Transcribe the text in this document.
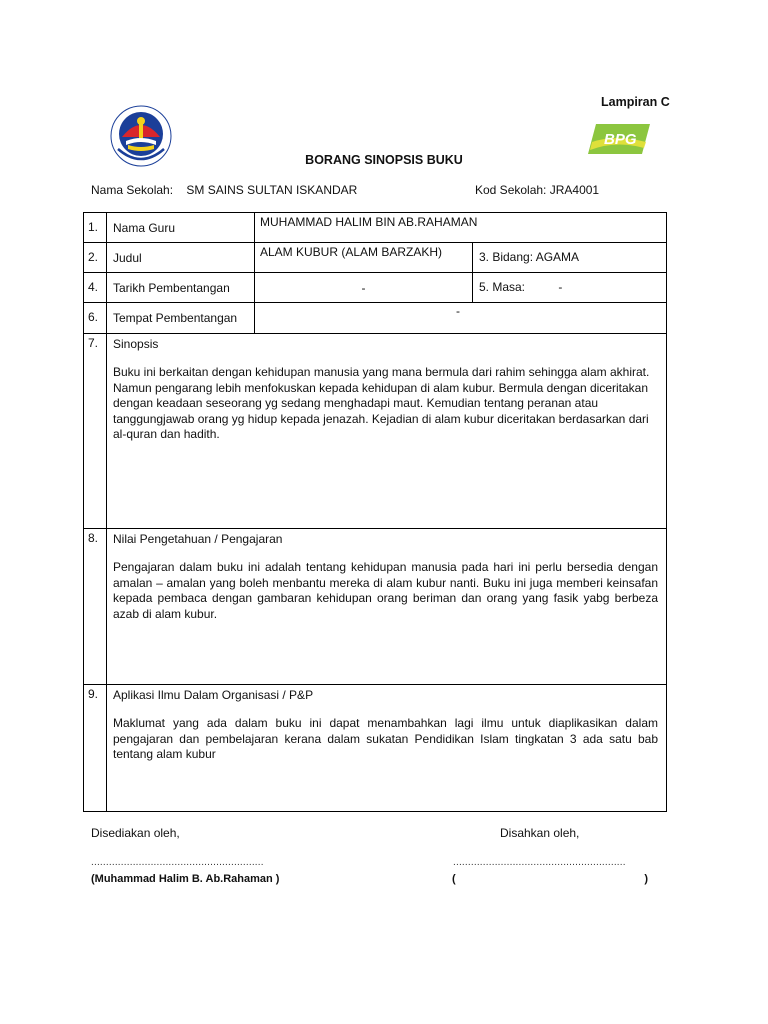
Lampiran C
BPG
BORANG SINOPSIS BUKU
Nama Sekolah: SM SAINS SULTAN ISKANDAR	Kod Sekolah: JRA4001
1.	Nama Guru	MUHAMMAD HALIM BIN AB.RAHAMAN	
2.	Judul	ALAM KUBUR (ALAM BARZAKH)	3. Bidang: AGAMA
4.	Tarikh Pembentangan	-	5. Masa: -
6.	Tempat Pembentangan	-	
7.	Sinopsis
Buku ini berkaitan dengan kehidupan manusia yang mana bermula dari rahim sehingga alam akhirat. Namun pengarang lebih menfokuskan kepada kehidupan di alam kubur. Bermula dengan diceritakan dengan keadaan seseorang yg sedang menghadapi maut. Kemudian tentang peranan atau tanggungjawab orang yg hidup kepada jenazah. Kejadian di alam kubur diceritakan berdasarkan dari al-quran dan hadith.		

8.	Nilai Pengetahuan / Pengajaran
Pengajaran dalam buku ini adalah tentang kehidupan manusia pada hari ini perlu bersedia dengan amalan – amalan yang boleh menbantu mereka di alam kubur nanti. Buku ini juga memberi keinsafan kepada pembaca dengan gambaran kehidupan orang beriman dan orang yang fasik yabg berbeza azab di alam kubur.		

9.	Aplikasi Ilmu Dalam Organisasi / P&P
Maklumat yang ada dalam buku ini dapat menambahkan lagi ilmu untuk diaplikasikan dalam pengajaran dan pembelajaran kerana dalam sukatan Pendidikan Islam tingkatan 3 ada satu bab tentang alam kubur		
Disediakan oleh,	Disahkan oleh,
..........................................................	..........................................................
(Muhammad Halim B. Ab.Rahaman )	(	)
